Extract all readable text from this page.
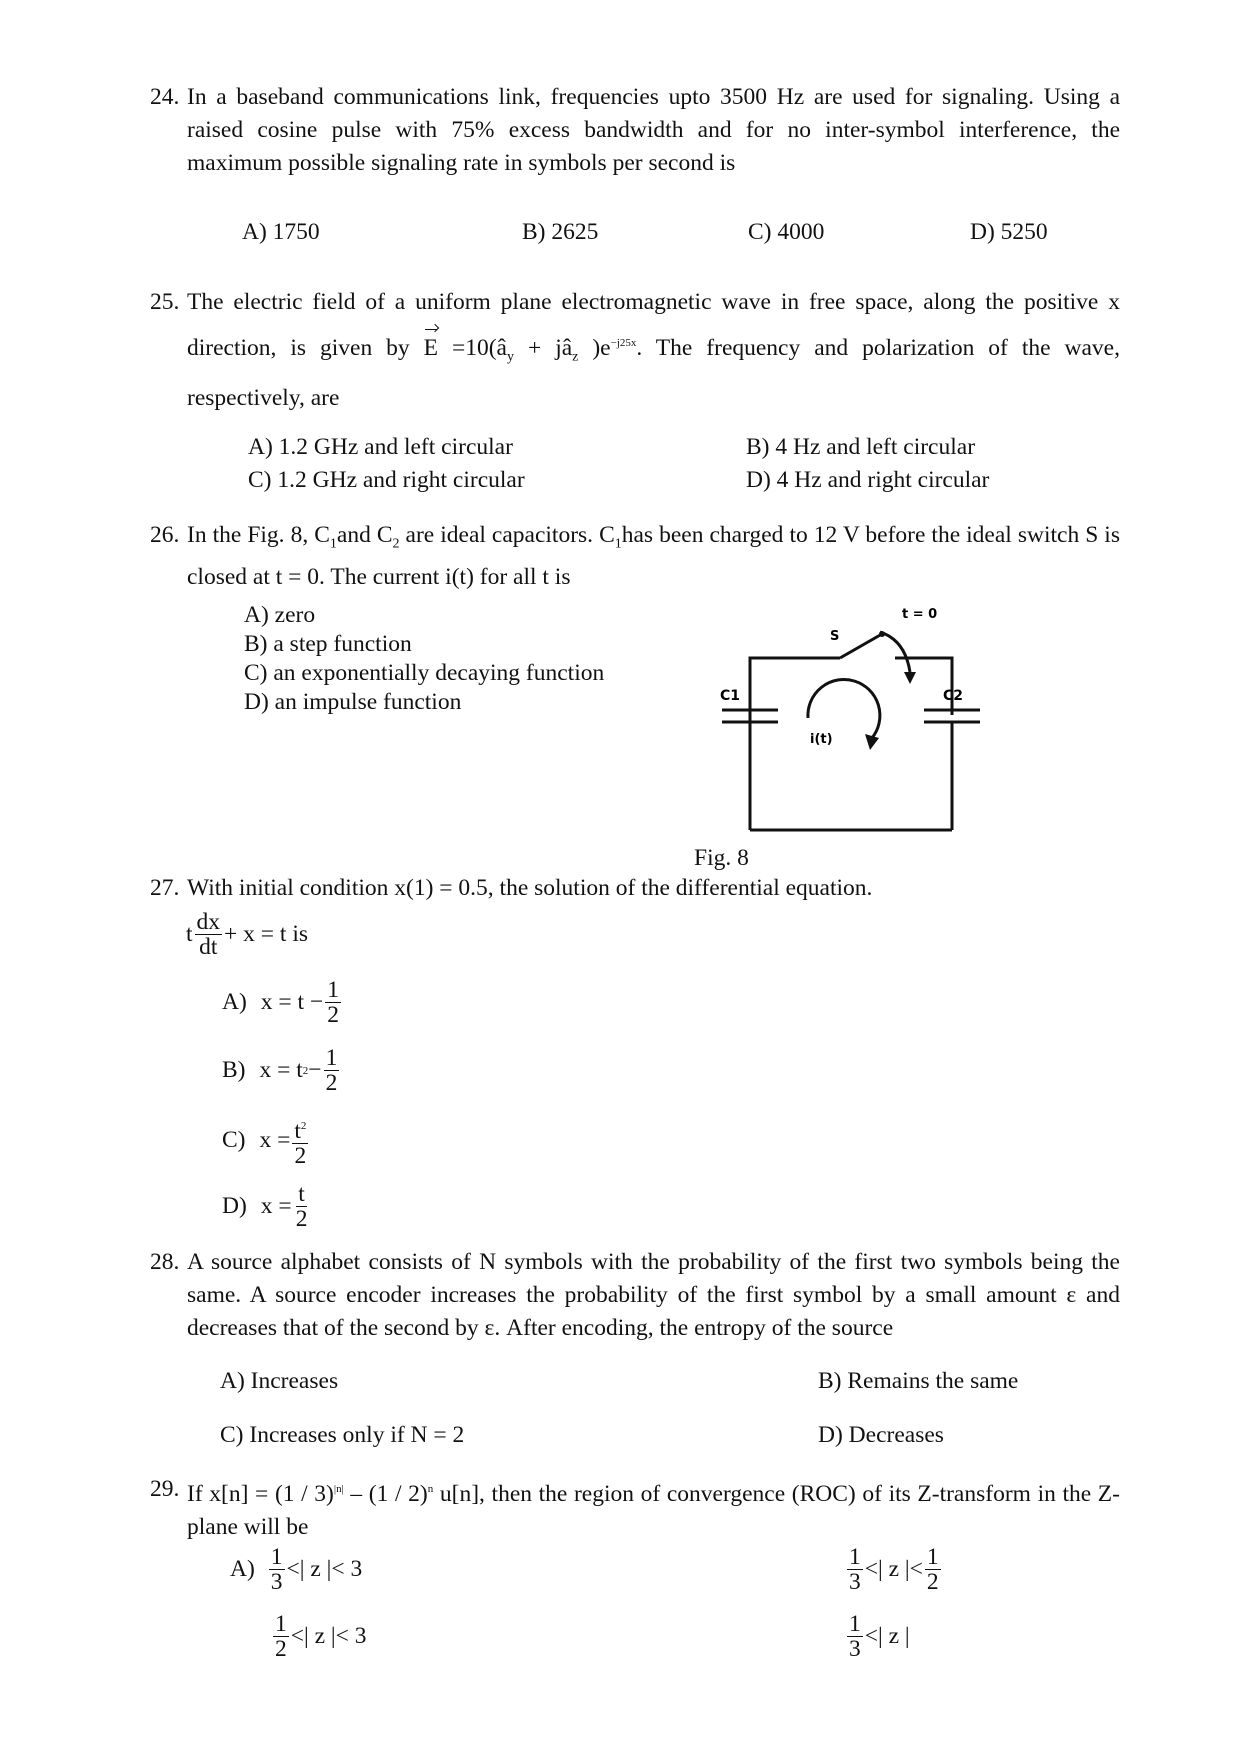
24. In a baseband communications link, frequencies upto 3500 Hz are used for signaling. Using a raised cosine pulse with 75% excess bandwidth and for no inter-symbol interference, the maximum possible signaling rate in symbols per second is
A) 1750	B) 2625	C) 4000	D) 5250
25. The electric field of a uniform plane electromagnetic wave in free space, along the positive x direction, is given by $E =10(â_y$ + $jâ_z$ )$e^{-j25x}$. The frequency and polarization of the wave, respectively, are
A) 1.2 GHz and left circular	B) 4 Hz and left circular
C) 1.2 GHz and right circular	D) 4 Hz and right circular
26. In the Fig. 8, $C_1and$ $C_2$ are ideal capacitors. $C_1has$ been charged to 12 V before the ideal switch S is closed at t = 0. The current i(t) for all t is
A) zero
B) a step function
C) an exponentially decaying function
D) an impulse function	C1	C2
S
t = 0
i(t)
Fig. 8
27. With initial condition x(1) = 0.5, the solution of the differential equation.
t $\frac{dx}{dt} + x = t$ is
A) $x = t - \frac{1}{2}$
B) x = t $2 - \frac{1}{2}$
C) $x = \frac{t^2}{2}$
D) $x = \frac{t}{2}$
28. A source alphabet consists of N symbols with the probability of the first two symbols being the same. A source encoder increases the probability of the first symbol by a small amount ε and decreases that of the second by ε. After encoding, the entropy of the source
A) Increases	B) Remains the same
C) Increases only if N = 2	D) Decreases
29. If x[n] = (1 / 3)$^{|n|}$ – (1 / 2)$^n$ u[n], then the region of convergence (ROC) of its Z-transform in the Z-plane will be
$A) \frac{1}{3}$ <| z |< 3	$\frac{1}{3}$ <| z |< $\frac{1}{2}$
$\frac{1}{2}$ <| z |< 3	$\frac{1}{3}$ <| z |
